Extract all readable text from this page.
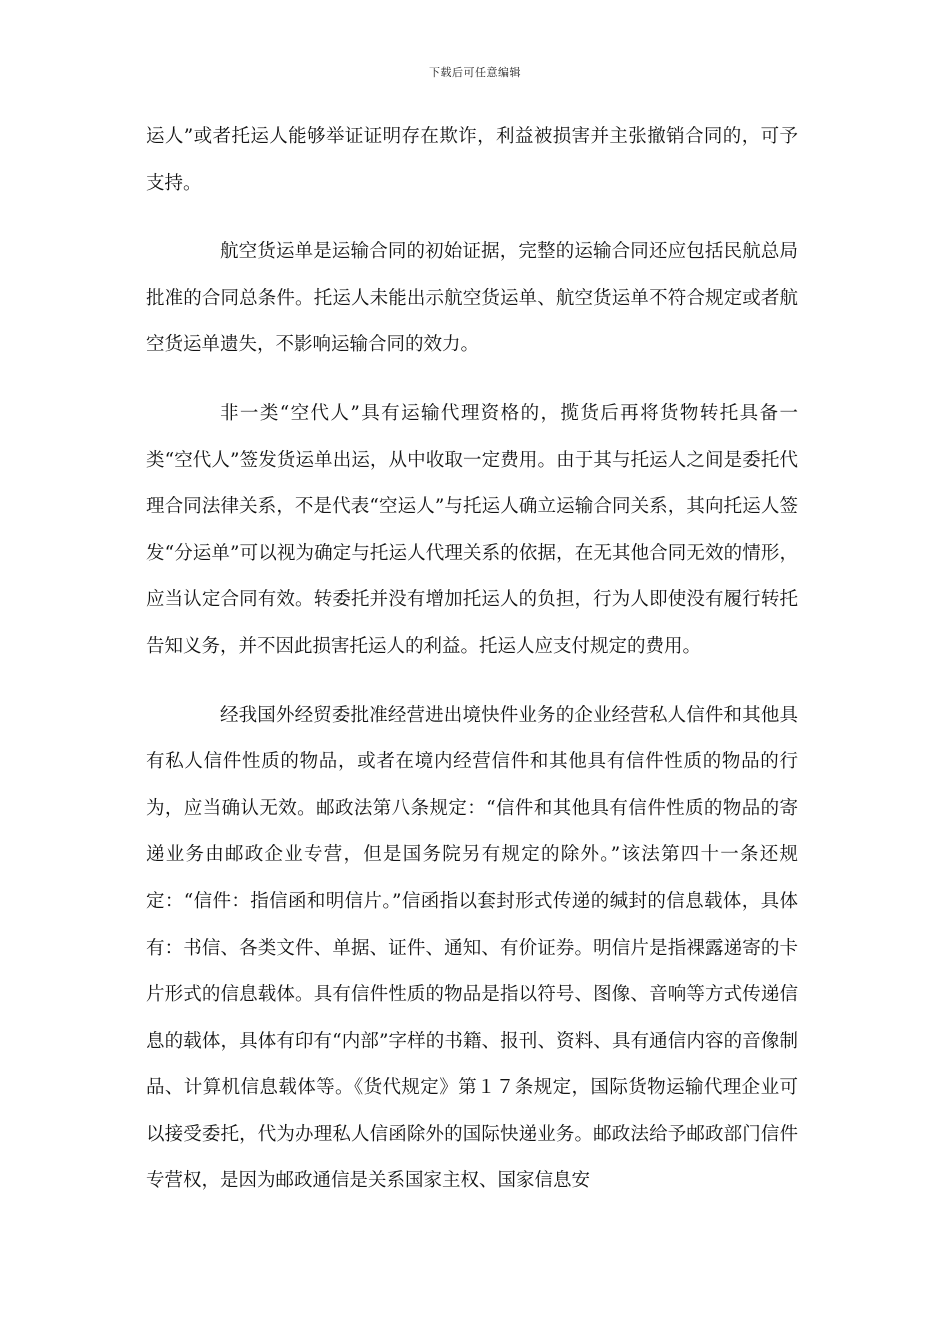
下载后可任意编辑

运人”或者托运人能够举证证明存在欺诈，利益被损害并主张撤销合同的，可予支持。

航空货运单是运输合同的初始证据，完整的运输合同还应包括民航总局批准的合同总条件。托运人未能出示航空货运单、航空货运单不符合规定或者航空货运单遗失，不影响运输合同的效力。

非一类“空代人”具有运输代理资格的，揽货后再将货物转托具备一类“空代人”签发货运单出运，从中收取一定费用。由于其与托运人之间是委托代理合同法律关系，不是代表“空运人”与托运人确立运输合同关系，其向托运人签发“分运单”可以视为确定与托运人代理关系的依据，在无其他合同无效的情形，应当认定合同有效。转委托并没有增加托运人的负担，行为人即使没有履行转托告知义务，并不因此损害托运人的利益。托运人应支付规定的费用。

经我国外经贸委批准经营进出境快件业务的企业经营私人信件和其他具有私人信件性质的物品，或者在境内经营信件和其他具有信件性质的物品的行为，应当确认无效。邮政法第八条规定：“信件和其他具有信件性质的物品的寄递业务由邮政企业专营，但是国务院另有规定的除外。”该法第四十一条还规定：“信件：指信函和明信片。”信函指以套封形式传递的缄封的信息载体，具体有：书信、各类文件、单据、证件、通知、有价证券。明信片是指裸露递寄的卡片形式的信息载体。具有信件性质的物品是指以符号、图像、音响等方式传递信息的载体，具体有印有“内部”字样的书籍、报刊、资料、具有通信内容的音像制品、计算机信息载体等。《货代规定》第１７条规定，国际货物运输代理企业可以接受委托，代为办理私人信函除外的国际快递业务。邮政法给予邮政部门信件专营权，是因为邮政通信是关系国家主权、国家信息安
